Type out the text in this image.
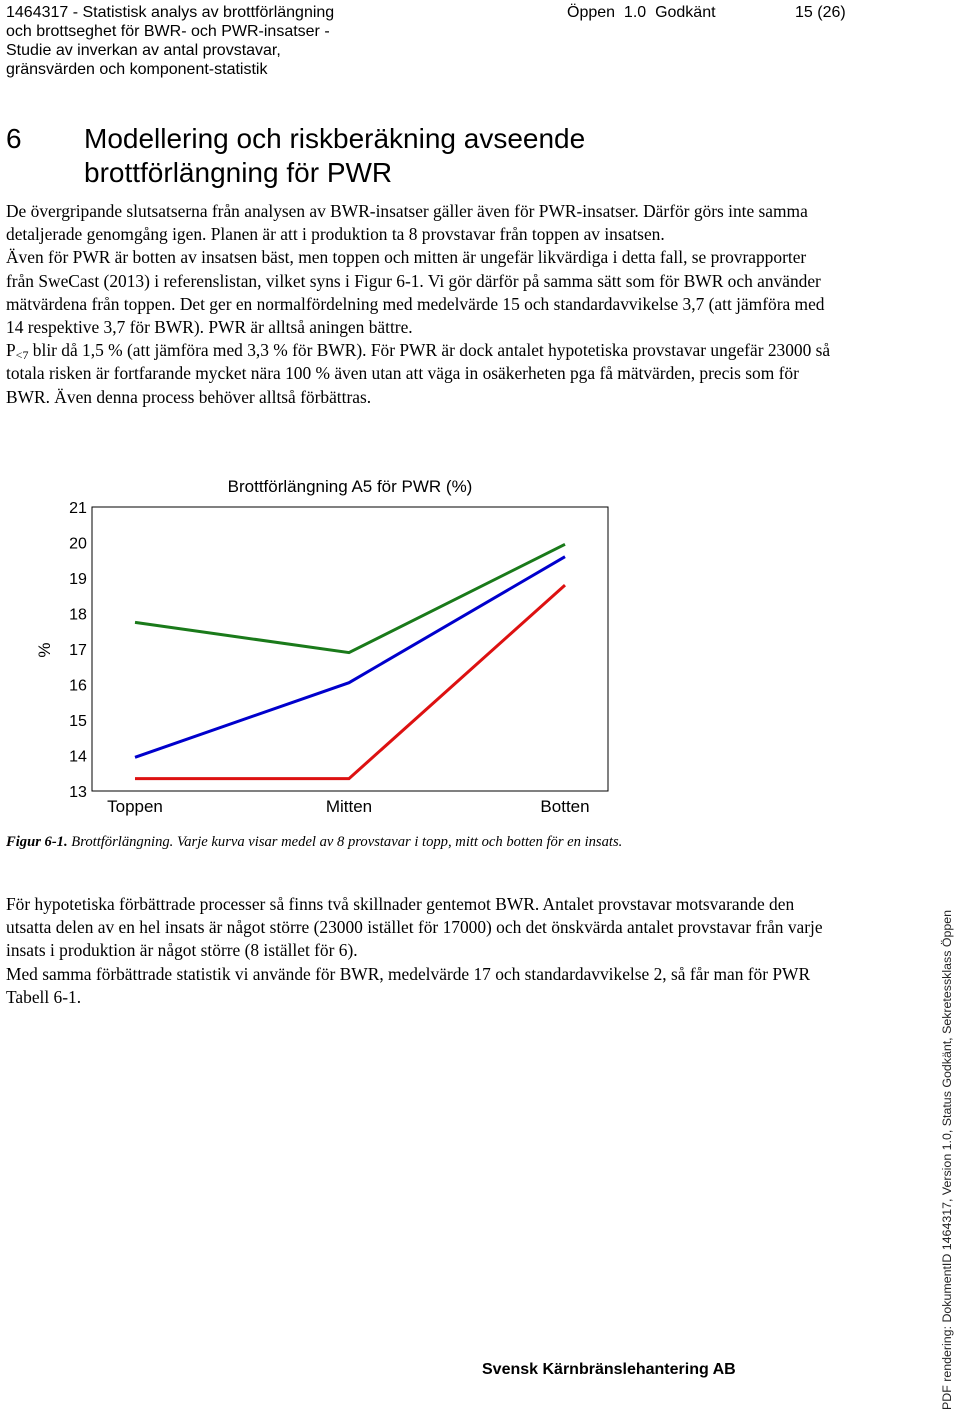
1464317 - Statistisk analys av brottförlängning
och brottseghet för BWR- och PWR-insatser -
Studie av inverkan av antal provstavar,
gränsvärden och komponent-statistik
Öppen  1.0  Godkänt	15 (26)
6 Modellering och riskberäkning avseende
brottförlängning för PWR

De övergripande slutsatserna från analysen av BWR-insatser gäller även för PWR-insatser. Därför görs inte samma detaljerade genomgång igen. Planen är att i produktion ta 8 provstavar från toppen av insatsen.

Även för PWR är botten av insatsen bäst, men toppen och mitten är ungefär likvärdiga i detta fall, se provrapporter från SweCast (2013) i referenslistan, vilket syns i Figur 6-1. Vi gör därför på samma sätt som för BWR och använder mätvärdena från toppen. Det ger en normalfördelning med medelvärde 15 och standardavvikelse 3,7 (att jämföra med 14 respektive 3,7 för BWR). PWR är alltså aningen bättre.
$P_{<7}$ blir då 1,5 % (att jämföra med 3,3 % för BWR). För PWR är dock antalet hypotetiska provstavar ungefär 23000 så totala risken är fortfarande mycket nära 100 % även utan att väga in osäkerheten pga få mätvärden, precis som för BWR. Även denna process behöver alltså förbättras.

Brottförlängning A5 för PWR (%)
%
13
14
15
16
17
18
19
20
21
Toppen	Mitten	Botten
Figur 6-1. Brottförlängning. Varje kurva visar medel av 8 provstavar i topp, mitt och botten för en insats.

För hypotetiska förbättrade processer så finns två skillnader gentemot BWR. Antalet provstavar motsvarande den utsatta delen av en hel insats är något större (23000 istället för 17000) och det önskvärda antalet provstavar från varje insats i produktion är något större (8 istället för 6).

Med samma förbättrade statistik vi använde för BWR, medelvärde 17 och standardavvikelse 2, så får man för PWR Tabell 6-1.

Svensk Kärnbränslehantering AB	PDF rendering: DokumentID 1464317, Version 1.0, Status Godkänt, Sekretessklass Öppen
